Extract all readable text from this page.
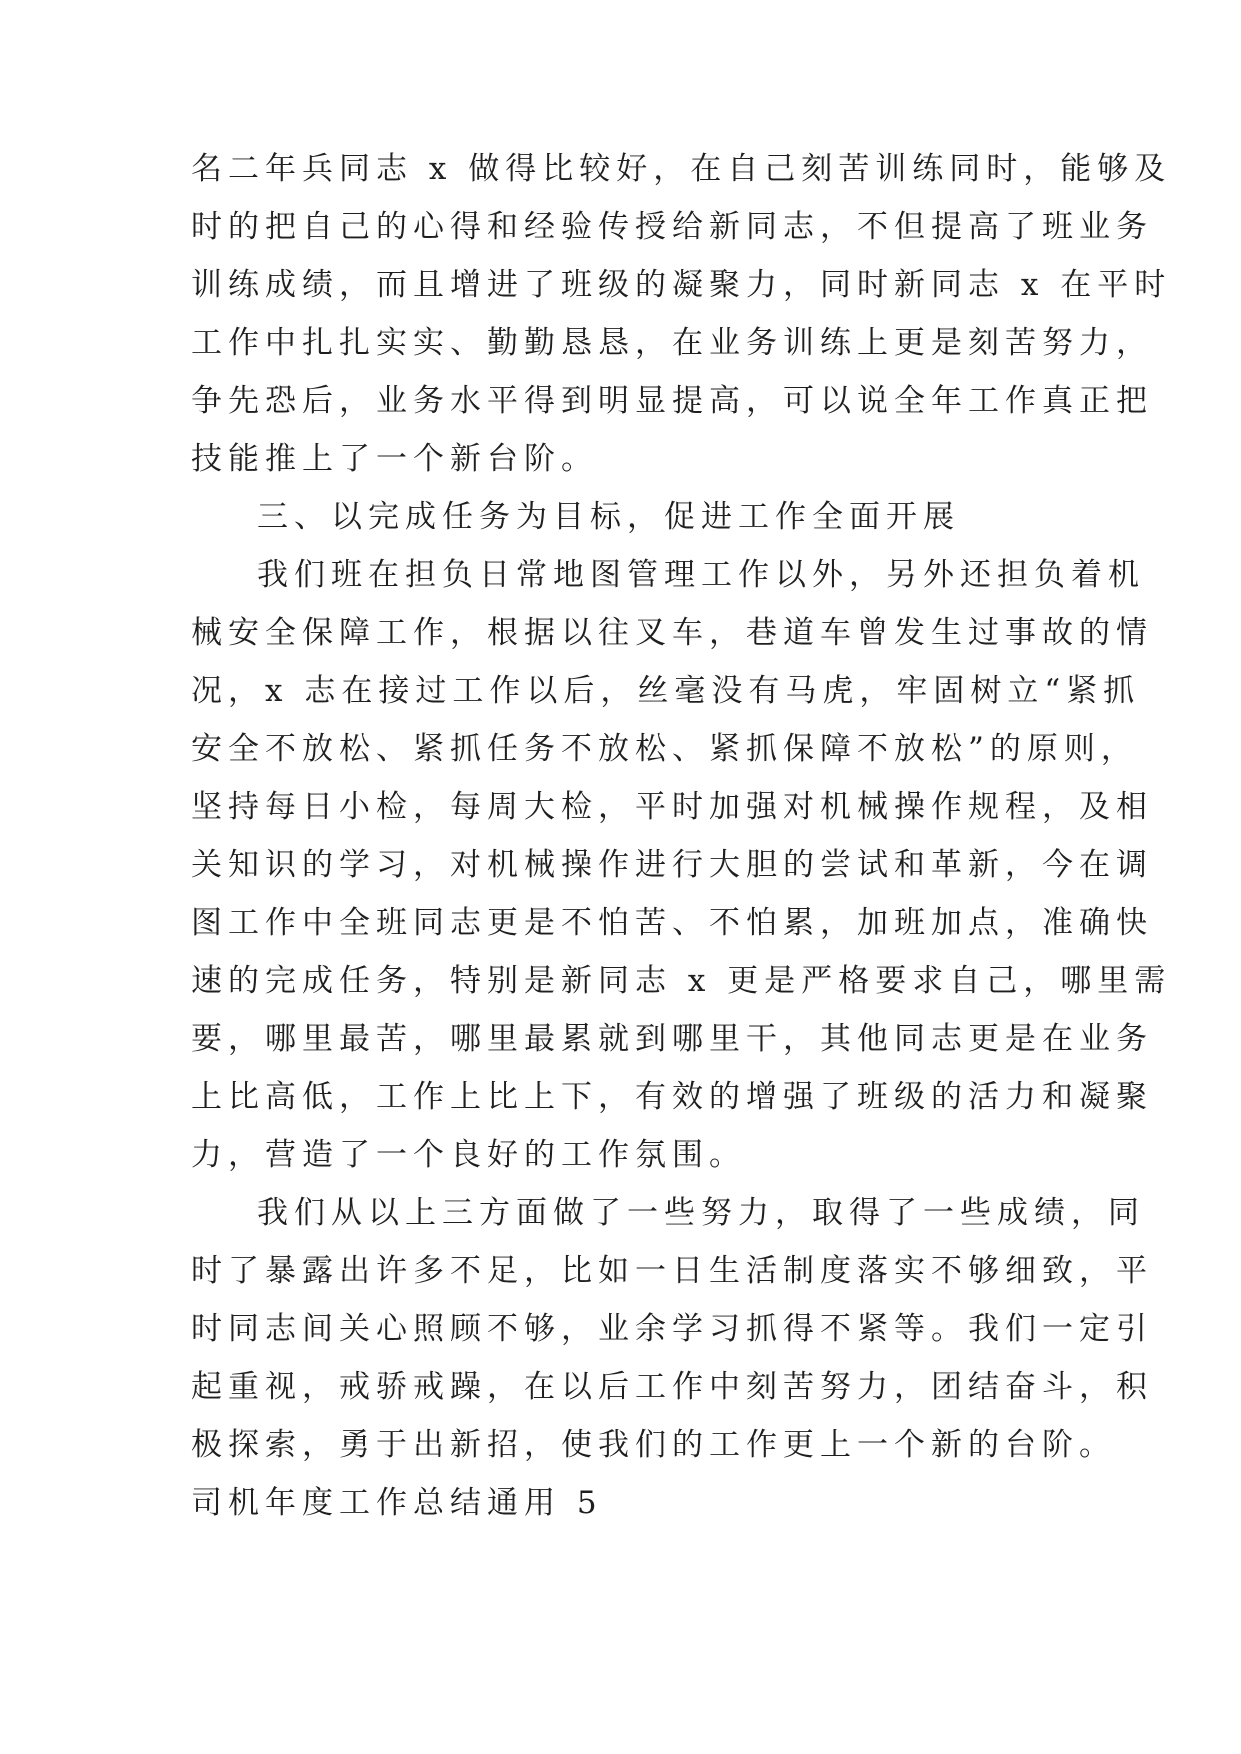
名二年兵同志 x 做得比较好，在自己刻苦训练同时，能够及
时的把自己的心得和经验传授给新同志，不但提高了班业务
训练成绩，而且增进了班级的凝聚力，同时新同志 x 在平时
工作中扎扎实实、勤勤恳恳，在业务训练上更是刻苦努力，
争先恐后，业务水平得到明显提高，可以说全年工作真正把
技能推上了一个新台阶。
三、以完成任务为目标，促进工作全面开展
我们班在担负日常地图管理工作以外，另外还担负着机
械安全保障工作，根据以往叉车，巷道车曾发生过事故的情
况，x 志在接过工作以后，丝毫没有马虎，牢固树立“紧抓
安全不放松、紧抓任务不放松、紧抓保障不放松”的原则，
坚持每日小检，每周大检，平时加强对机械操作规程，及相
关知识的学习，对机械操作进行大胆的尝试和革新，今在调
图工作中全班同志更是不怕苦、不怕累，加班加点，准确快
速的完成任务，特别是新同志 x 更是严格要求自己，哪里需
要，哪里最苦，哪里最累就到哪里干，其他同志更是在业务
上比高低，工作上比上下，有效的增强了班级的活力和凝聚
力，营造了一个良好的工作氛围。
我们从以上三方面做了一些努力，取得了一些成绩，同
时了暴露出许多不足，比如一日生活制度落实不够细致，平
时同志间关心照顾不够，业余学习抓得不紧等。我们一定引
起重视，戒骄戒躁，在以后工作中刻苦努力，团结奋斗，积
极探索，勇于出新招，使我们的工作更上一个新的台阶。
司机年度工作总结通用 5
